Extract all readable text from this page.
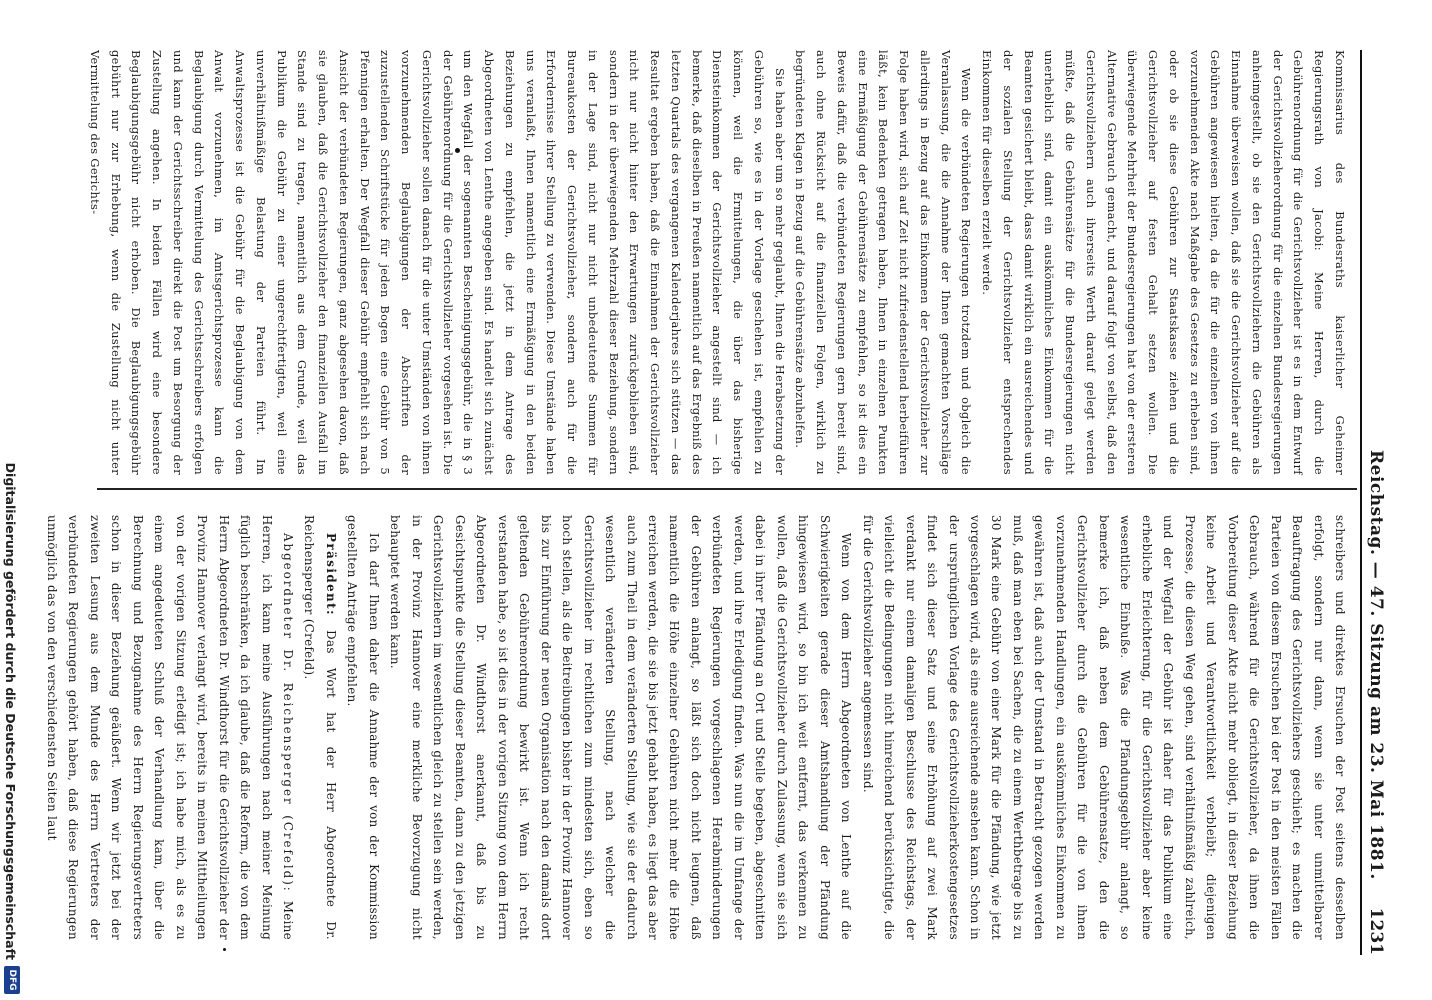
Reichstag. — 47. Sitzung am 23. Mai 1881.
1231

Kommissarius des Bundesraths kaiserlicher Geheimer Regierungsrath von Jacobi: Meine Herren, durch die Gebührenordnung für die Gerichtsvollzieher ist es in dem Entwurf der Gerichtsvollzieherordnung für die einzelnen Bundesregierungen anheimgestellt, ob sie den Gerichtsvollziehern die Gebühren als Einnahme überweisen wollen, daß sie die Gerichtsvollzieher auf die Gebühren angewiesen hielten, da die für die einzelnen von ihnen vorzunehmenden Akte nach Maßgabe des Gesetzes zu erheben sind, oder ob sie diese Gebühren zur Staatskasse ziehen und die Gerichtsvollzieher auf festen Gehalt setzen wollen. Die überwiegende Mehrheit der Bundesregierungen hat von der ersteren Alternative Gebrauch gemacht, und darauf folgt von selbst, daß den Gerichtsvollziehern auch ihrerseits Werth darauf gelegt werden müßte, daß die Gebührensätze für die Bundesregierungen nicht unerheblich sind, damit ein auskömmliches Einkommen für die Beamten gesichert bleibt, dass damit wirklich ein ausreichendes und der sozialen Stellung der Gerichtsvollzieher entsprechendes Einkommen für dieselben erzielt werde.

Wenn die verbündeten Regierungen trotzdem und obgleich die Veranlassung, die die Annahme der Ihnen gemachten Vorschläge allerdings in Bezug auf das Einkommen der Gerichtsvollzieher zur Folge haben wird, sich auf Zeit nicht zufriedenstellend herbeiführen läßt, kein Bedenken getragen haben, Ihnen in einzelnen Punkten eine Ermäßigung der Gebührensätze zu empfehlen, so ist dies ein Beweis dafür, daß die verbündeten Regierungen gern bereit sind, auch ohne Rücksicht auf die finanziellen Folgen, wirklich zu begründeten Klagen in Bezug auf die Gebührensätze abzuhelfen.

Sie haben aber um so mehr geglaubt, Ihnen die Herabsetzung der Gebühren so, wie es in der Vorlage geschehen ist, empfehlen zu können, weil die Ermittelungen, die über das bisherige Diensteinkommen der Gerichtsvollzieher angestellt sind — ich bemerke, daß dieselben in Preußen namentlich auf das Ergebniß des letzten Quartals des vergangenen Kalenderjahres sich stützen — das Resultat ergeben haben, daß die Einnahmen der Gerichtsvollzieher nicht nur nicht hinter den Erwartungen zurückgeblieben sind, sondern in der überwiegenden Mehrzahl dieser Beziehung, sondern in der Lage sind, nicht nur nicht unbedeutende Summen für Bureaukosten der Gerichtsvollzieher, sondern auch für die Erfordernisse ihrer Stellung zu verwenden. Diese Umstände haben uns veranlaßt, Ihnen namentlich eine Ermäßigung in den beiden Beziehungen zu empfehlen, die jetzt in dem Antrage des Abgeordneten von Lenthe angegeben sind. Es handelt sich zunächst um den Wegfall der sogenannten Bescheinigungsgebühr, die in § 3 der Gebührenordnung für die Gerichtsvollzieher vorgesehen ist. Die Gerichtsvollzieher sollen danach für die unter Umständen von ihnen vorzunehmenden Beglaubigungen der Abschriften der zuzustellenden Schriftstücke für jeden Bogen eine Gebühr von 5 Pfennigen erhalten. Der Wegfall dieser Gebühr empfiehlt sich nach Ansicht der verbündeten Regierungen, ganz abgesehen davon, daß sie glauben, daß die Gerichtsvollzieher den finanziellen Ausfall im Stande sind zu tragen, namentlich aus dem Grunde, weil das Publikum die Gebühr zu einer ungerechtfertigten, weil eine unverhältnißmäßige Belastung der Parteien führt. Im Anwaltsprozesse ist die Gebühr für die Beglaubigung von dem Anwalt vorzunehmen, im Amtsgerichtsprozesse kann die Beglaubigung durch Vermittelung des Gerichtsschreibers erfolgen und kann der Gerichtsschreiber direkt die Post um Besorgung der Zustellung angehen. In beiden Fällen wird eine besondere Beglaubigungsgebühr nicht erhoben. Die Beglaubigungsgebühr gebührt nur zur Erhebung, wenn die Zustellung nicht unter Vermittelung des Gerichts-

schreibers und direktes Ersuchen der Post seitens desselben erfolgt, sondern nur dann, wenn sie unter unmittelbarer Beauftragung des Gerichtsvollziehers geschieht; es machen die Parteien von diesem Ersuchen bei der Post in den meisten Fällen Gebrauch, während für die Gerichtsvollzieher, da ihnen die Vorbereitung dieser Akte nicht mehr obliegt, in dieser Beziehung keine Arbeit und Verantwortlichkeit verbleibt; diejenigen Prozesse, die diesen Weg gehen, sind verhältnißmäßig zahlreich, und der Wegfall der Gebühr ist daher für das Publikum eine erhebliche Erleichterung, für die Gerichtsvollzieher aber keine wesentliche Einbuße. Was die Pfändungsgebühr anlangt, so bemerke ich, daß neben dem Gebührensatze, den die Gerichtsvollzieher durch die Gebühren für die von ihnen vorzunehmenden Handlungen, ein auskömmliches Einkommen zu gewähren ist, daß auch der Umstand in Betracht gezogen werden muß, daß man eben bei Sachen, die zu einem Werthbetrage bis zu 30 Mark eine Gebühr von einer Mark für die Pfändung, wie jetzt vorgeschlagen wird, als eine ausreichende ansehen kann. Schon in der ursprünglichen Vorlage des Gerichtsvollzieherkostengesetzes findet sich dieser Satz und seine Erhöhung auf zwei Mark verdankt nur einem damaligen Beschlusse des Reichstags, der vielleicht die Bedingungen nicht hinreichend berücksichtigte, die für die Gerichtsvollzieher angemessen sind.

Wenn von dem Herrn Abgeordneten von Lenthe auf die Schwierigkeiten gerade dieser Amtshandlung der Pfändung hingewiesen wird, so bin ich weit entfernt, das verkennen zu wollen, daß die Gerichtsvollzieher durch Zulassung, wenn sie sich dabei in ihrer Pfändung an Ort und Stelle begeben, abgeschnitten werden, und ihre Erledigung finden. Was nun die im Umfange der verbündeten Regierungen vorgeschlagenen Herabminderungen der Gebühren anlangt, so läßt sich doch nicht leugnen, daß namentlich die Höhe einzelner Gebühren nicht mehr die Höhe erreichen werden, die sie bis jetzt gehabt haben, es liegt das aber auch zum Theil in dem veränderten Stellung, wie sie der dadurch wesentlich veränderten Stellung, nach welcher die Gerichtsvollzieher im rechtlichen zum mindesten sich, eben so hoch stellen, als die Beitreibungen bisher in der Provinz Hannover bis zur Einführung der neuen Organisation nach den damals dort geltenden Gebührenordnung bewirkt ist. Wenn ich recht verstanden habe, so ist dies in der vorigen Sitzung von dem Herrn Abgeordneten Dr. Windthorst anerkannt, daß bis zu Gesichtspunkte die Stellung dieser Beamten, dann zu den jetzigen Gerichtsvollziehern im wesentlichen gleich zu stellen sein werden, in der Provinz Hannover eine merkliche Bevorzugung nicht behauptet werden kann.

Ich darf Ihnen daher die Annahme der von der Kommission gestellten Anträge empfehlen.

Präsident: Das Wort hat der Herr Abgeordnete Dr. Reichensperger (Crefeld).

Abgeordneter Dr. Reichensperger (Crefeld): Meine Herren, ich kann meine Ausführungen nach meiner Meinung füglich beschränken, da ich glaube, daß die Reform, die von dem Herrn Abgeordneten Dr. Windthorst für die Gerichtsvollzieher der Provinz Hannover verlangt wird, bereits in meinen Mittheilungen von der vorigen Sitzung erledigt ist; ich habe mich, als es zu einem angedeuteten Schluß der Verhandlung kam, über die Berechnung und Bezugnahme des Herrn Regierungsvertreters schon in dieser Beziehung geäußert. Wenn wir jetzt bei der zweiten Lesung aus dem Munde des Herrn Vertreters der verbündeten Regierungen gehört haben, daß diese Regierungen unmöglich das von den verschiedensten Seiten laut

Digitalisierung gefördert durch die Deutsche Forschungsgemeinschaft
DFG
